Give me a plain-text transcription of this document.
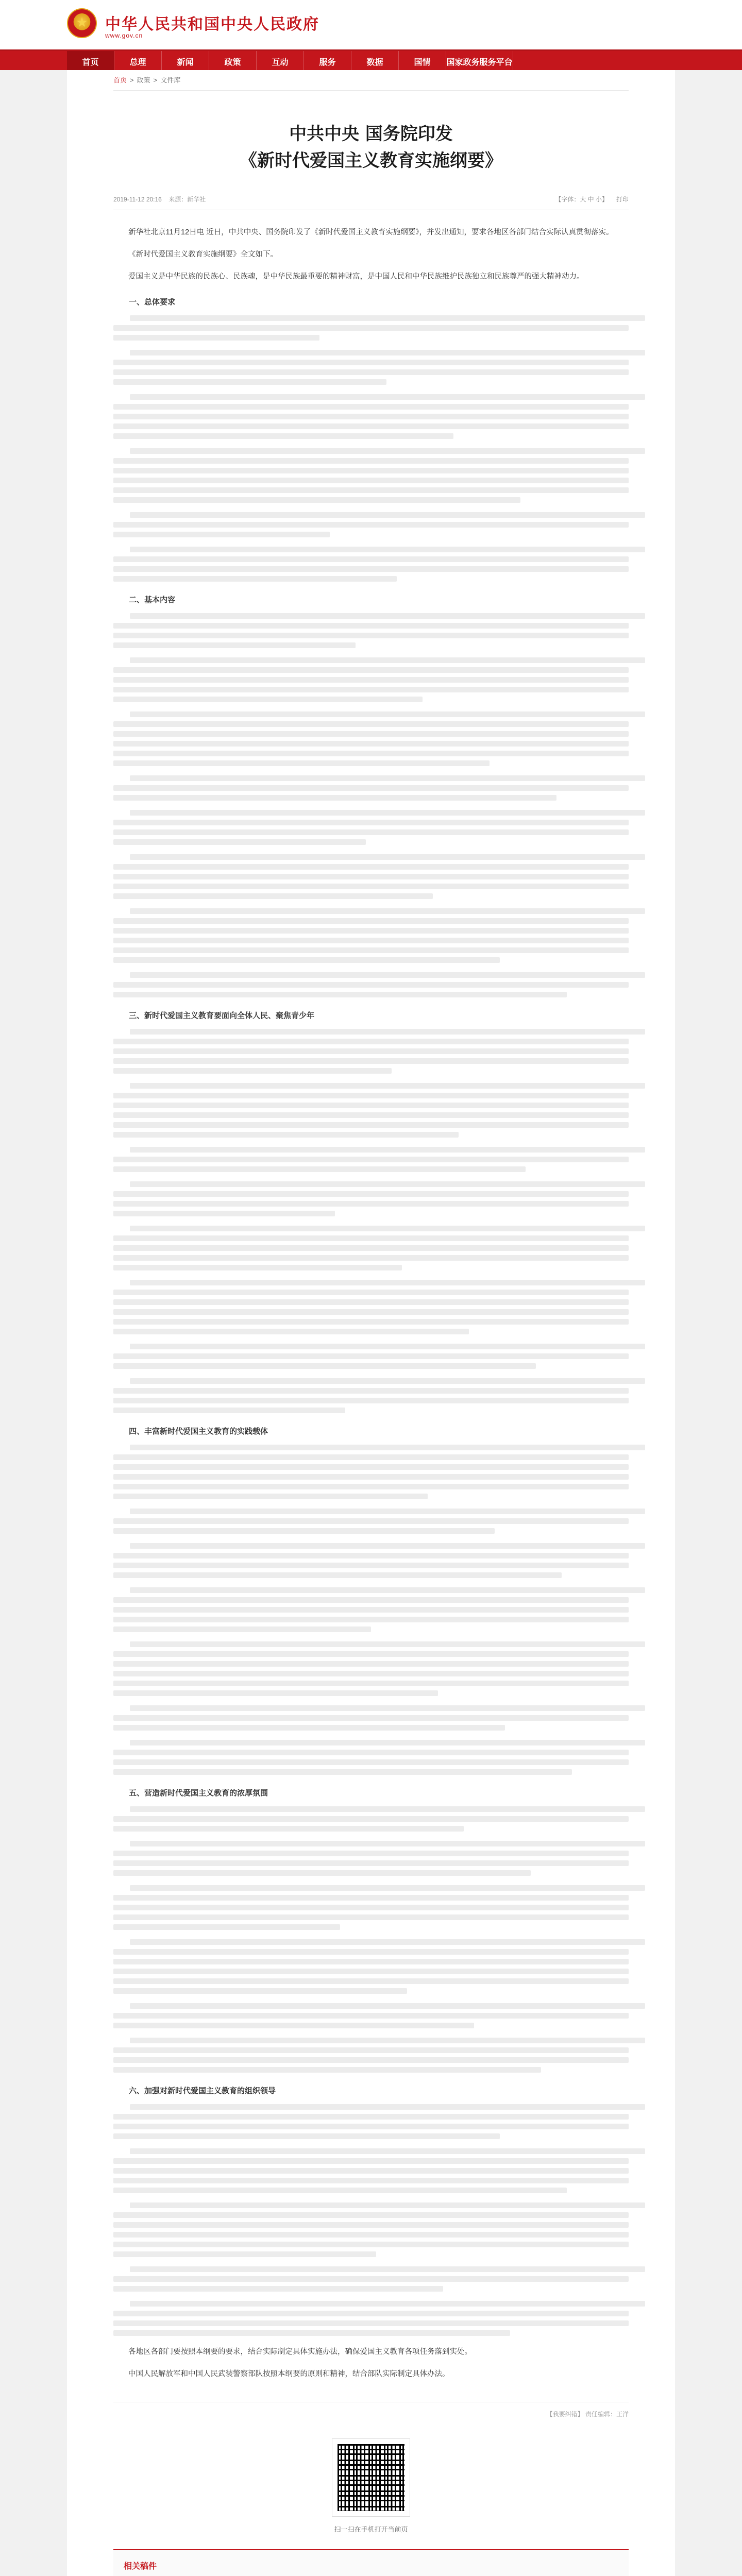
★
中华人民共和国中央人民政府
www.gov.cn
首页	总理	新闻	政策	互动	服务	数据	国情	国家政务服务平台
首页 > 政策 > 文件库
中共中央 国务院印发
《新时代爱国主义教育实施纲要》
2019-11-12 20:16 来源：新华社	【字体：大 中 小】 打印

新华社北京11月12日电 近日，中共中央、国务院印发了《新时代爱国主义教育实施纲要》，并发出通知，要求各地区各部门结合实际认真贯彻落实。

《新时代爱国主义教育实施纲要》全文如下。

爱国主义是中华民族的民族心、民族魂，是中华民族最重要的精神财富，是中国人民和中华民族维护民族独立和民族尊严的强大精神动力。

一、总体要求
二、基本内容
三、新时代爱国主义教育要面向全体人民、聚焦青少年
四、丰富新时代爱国主义教育的实践载体
五、营造新时代爱国主义教育的浓厚氛围
六、加强对新时代爱国主义教育的组织领导

各地区各部门要按照本纲要的要求，结合实际制定具体实施办法，确保爱国主义教育各项任务落到实处。

中国人民解放军和中国人民武装警察部队按照本纲要的原则和精神，结合部队实际制定具体办法。

【我要纠错】 责任编辑：王洋
扫一扫在手机打开当前页
相关稿件
